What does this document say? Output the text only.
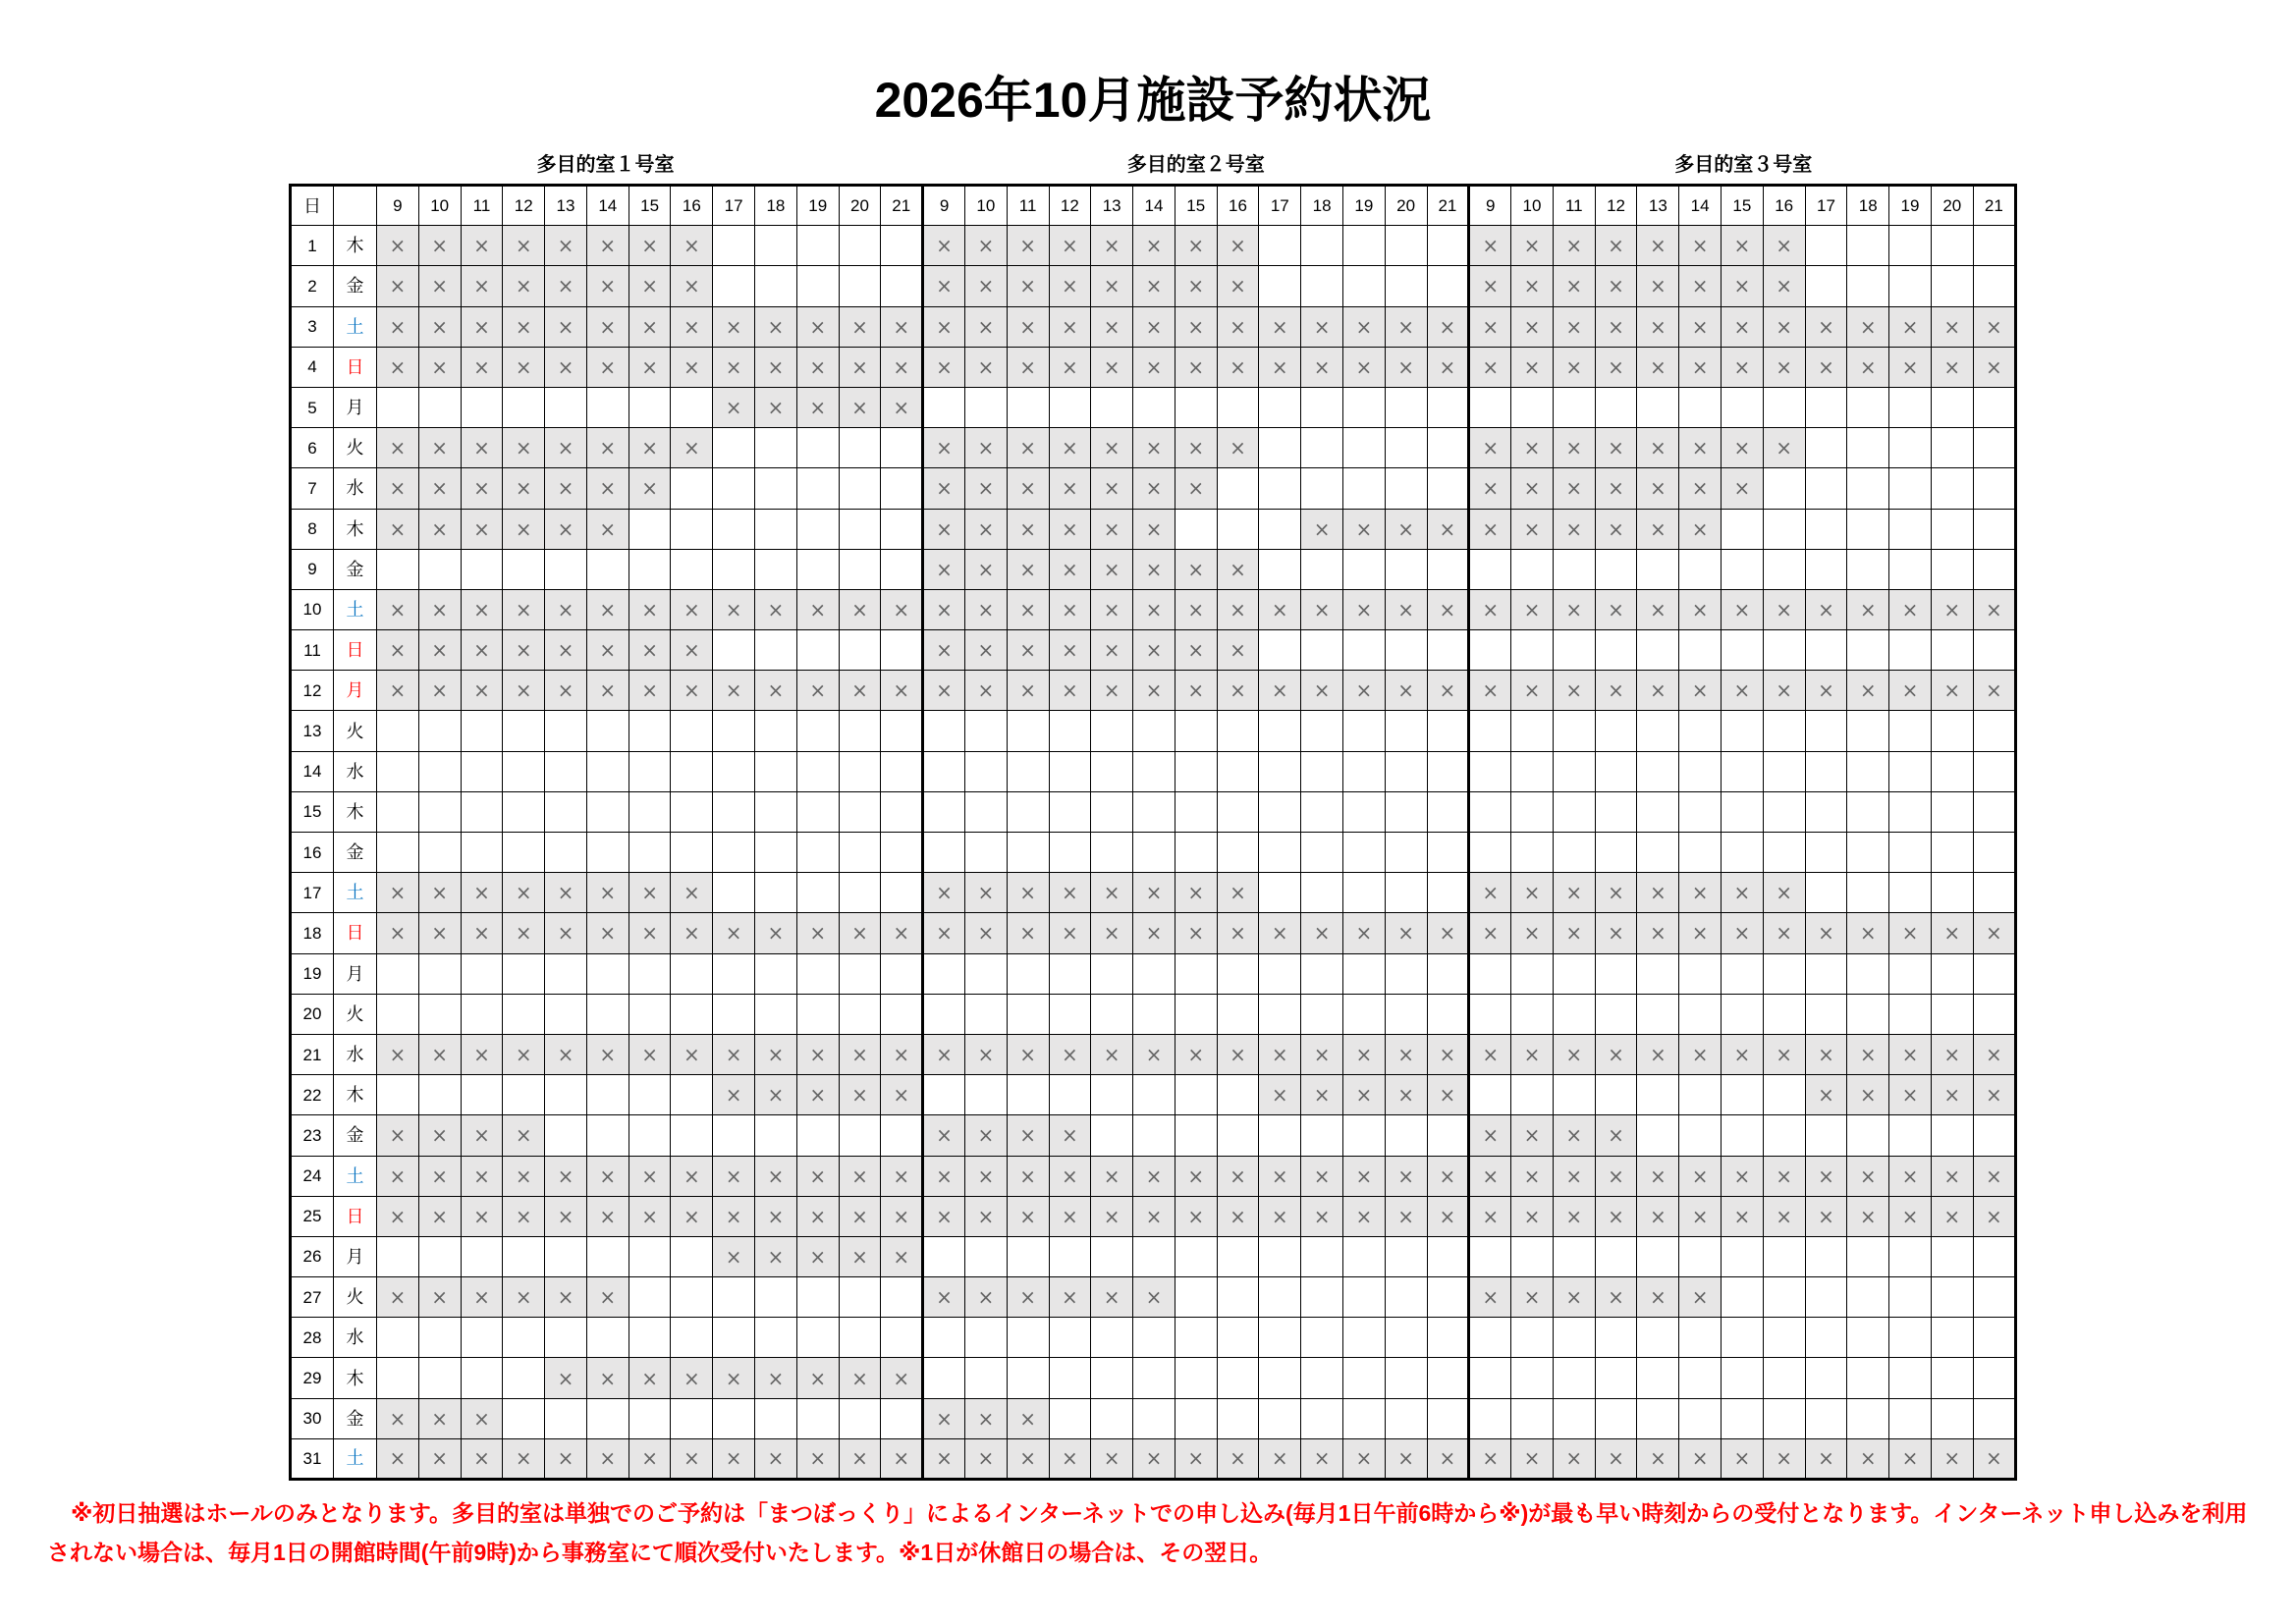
2026年10月施設予約状況
多目的室１号室	多目的室２号室	多目的室３号室
日		9	10	11	12	13	14	15	16	17	18	19	20	21	9	10	11	12	13	14	15	16	17	18	19	20	21	9	10	11	12	13	14	15	16	17	18	19	20	21
1	木	×	×	×	×	×	×	×	×						×	×	×	×	×	×	×	×						×	×	×	×	×	×	×	×					
2	金	×	×	×	×	×	×	×	×						×	×	×	×	×	×	×	×						×	×	×	×	×	×	×	×					
3	土	×	×	×	×	×	×	×	×	×	×	×	×	×	×	×	×	×	×	×	×	×	×	×	×	×	×	×	×	×	×	×	×	×	×	×	×	×	×	×
4	日	×	×	×	×	×	×	×	×	×	×	×	×	×	×	×	×	×	×	×	×	×	×	×	×	×	×	×	×	×	×	×	×	×	×	×	×	×	×	×
5	月									×	×	×	×	×																										
6	火	×	×	×	×	×	×	×	×						×	×	×	×	×	×	×	×						×	×	×	×	×	×	×	×					
7	水	×	×	×	×	×	×	×							×	×	×	×	×	×	×							×	×	×	×	×	×	×						
8	木	×	×	×	×	×	×								×	×	×	×	×	×				×	×	×	×	×	×	×	×	×	×							
9	金														×	×	×	×	×	×	×	×																		
10	土	×	×	×	×	×	×	×	×	×	×	×	×	×	×	×	×	×	×	×	×	×	×	×	×	×	×	×	×	×	×	×	×	×	×	×	×	×	×	×
11	日	×	×	×	×	×	×	×	×						×	×	×	×	×	×	×	×																		
12	月	×	×	×	×	×	×	×	×	×	×	×	×	×	×	×	×	×	×	×	×	×	×	×	×	×	×	×	×	×	×	×	×	×	×	×	×	×	×	×
13	火																																							
14	水																																							
15	木																																							
16	金																																							
17	土	×	×	×	×	×	×	×	×						×	×	×	×	×	×	×	×						×	×	×	×	×	×	×	×					
18	日	×	×	×	×	×	×	×	×	×	×	×	×	×	×	×	×	×	×	×	×	×	×	×	×	×	×	×	×	×	×	×	×	×	×	×	×	×	×	×
19	月																																							
20	火																																							
21	水	×	×	×	×	×	×	×	×	×	×	×	×	×	×	×	×	×	×	×	×	×	×	×	×	×	×	×	×	×	×	×	×	×	×	×	×	×	×	×
22	木									×	×	×	×	×									×	×	×	×	×									×	×	×	×	×
23	金	×	×	×	×										×	×	×	×										×	×	×	×									
24	土	×	×	×	×	×	×	×	×	×	×	×	×	×	×	×	×	×	×	×	×	×	×	×	×	×	×	×	×	×	×	×	×	×	×	×	×	×	×	×
25	日	×	×	×	×	×	×	×	×	×	×	×	×	×	×	×	×	×	×	×	×	×	×	×	×	×	×	×	×	×	×	×	×	×	×	×	×	×	×	×
26	月									×	×	×	×	×																										
27	火	×	×	×	×	×	×								×	×	×	×	×	×								×	×	×	×	×	×							
28	水																																							
29	木					×	×	×	×	×	×	×	×	×																										
30	金	×	×	×											×	×	×																							
31	土	×	×	×	×	×	×	×	×	×	×	×	×	×	×	×	×	×	×	×	×	×	×	×	×	×	×	×	×	×	×	×	×	×	×	×	×	×	×	×

※初日抽選はホールのみとなります。多目的室は単独でのご予約は「まつぼっくり」によるインターネットでの申し込み(毎月1日午前6時から※)が最も早い時刻からの受付となります。インターネット申し込みを利用されない場合は、毎月1日の開館時間(午前9時)から事務室にて順次受付いたします。※1日が休館日の場合は、その翌日。
